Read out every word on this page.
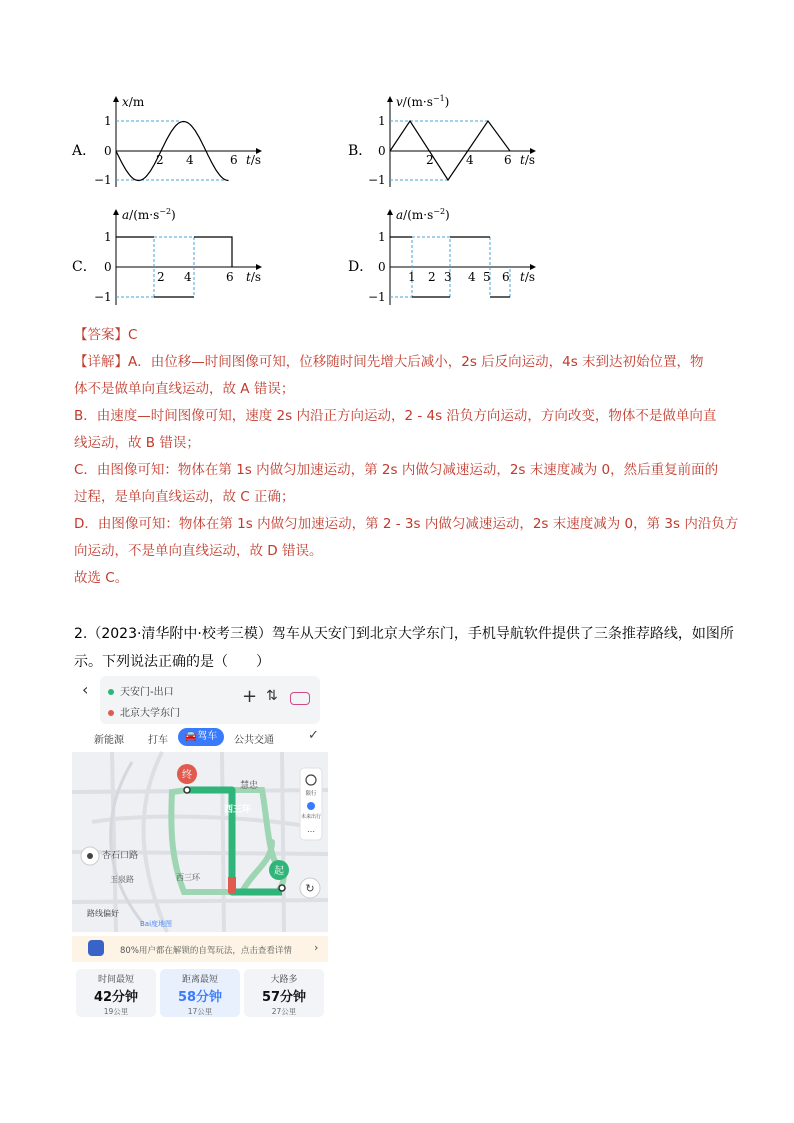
A．
x/m
1
0
−1
2 4	6 t/s
B．
$v/(m\cdot s^{-1})$
1
0
−1
2	4	6 t/s
C．
$a/(m\cdot s^{-2})$
1
0
−1
2 4	6 t/s
D．
$a/(m\cdot s^{-2})$
1
0
−1
1 2 3 4 5 6 t/s
【答案】C
【详解】A．由位移—时间图像可知，位移随时间先增大后减小，2s 后反向运动，4s 末到达初始位置，物
体不是做单向直线运动，故 A 错误；
B．由速度—时间图像可知，速度 2s 内沿正方向运动，2 - 4s 沿负方向运动，方向改变，物体不是做单向直
线运动，故 B 错误；
C．由图像可知：物体在第 1s 内做匀加速运动，第 2s 内做匀减速运动，2s 末速度减为 0，然后重复前面的
过程，是单向直线运动，故 C 正确；
D．由图像可知：物体在第 1s 内做匀加速运动，第 2 - 3s 内做匀减速运动，2s 末速度减为 0，第 3s 内沿负方
向运动，不是单向直线运动，故 D 错误。
故选 C。
2.（2023·清华附中·校考三模）驾车从天安门到北京大学东门，手机导航软件提供了三条推荐路线，如图所
示。下列说法正确的是（　　）
‹	天安门-出口
北京大学东门
+ ⇅
新能源 打车	🚘驾车	公共交通	✓
终
起
慧忠
杏石口路
玉泉路	西三环
西三环
路线偏好
Bai度地图
限行
未来出行
⋯
↻
80%用户都在解锁的自驾玩法，点击查看详情 ›
时间最短
42分钟
19公里
距离最短
58分钟
17公里
大路多
57分钟
27公里
